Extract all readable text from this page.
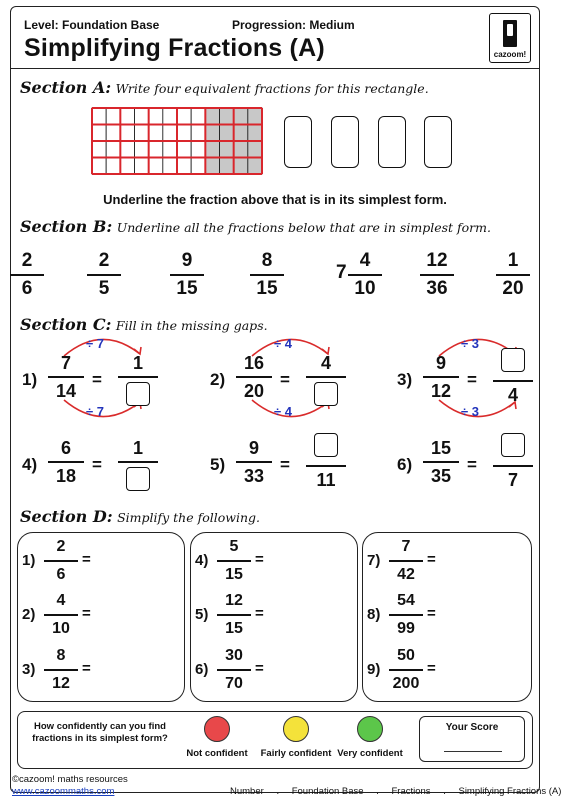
Level: Foundation Base	Progression: Medium
Simplifying Fractions (A)	cazoom!
Section A: Write four equivalent fractions for this rectangle.
Underline the fraction above that is in its simplest form.
Section B: Underline all the fractions below that are in simplest form.
2
6
2
5
9
15
8
15
7
4
10
12
36
1
20
Section C: Fill in the missing gaps.
1)
7
14
=
1
÷ 7
÷ 7
2)
16
20
=
4
÷ 4
÷ 4
3)
9
12
=
4
÷ 3
÷ 3
4)
6
18
=
1
5)
9
33
=
11
6)
15
35
=
7
Section D: Simplify the following.
1)
2
6
=
2)
4
10
=
3)
8
12
=
4)
5
15
=
5)
12
15
=
6)
30
70
=
7)
7
42
=
8)
54
99
=
9)
50
200
=
How confidently can you find fractions in its simplest form?
Not confident	Fairly confident Very confident
Your Score
©cazoom! maths resources
www.cazoommaths.com	Number . Foundation Base . Fractions . Simplifying Fractions (A)
